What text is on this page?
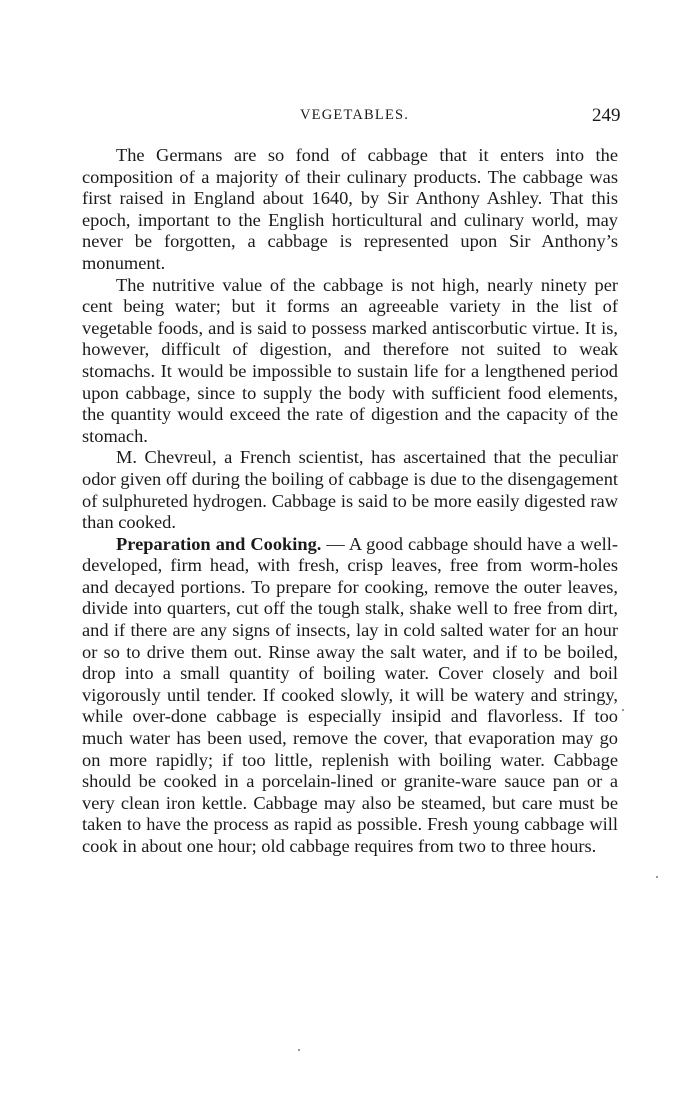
VEGETABLES.	249

The Germans are so fond of cabbage that it enters into the composition of a majority of their culinary products. The cabbage was first raised in England about 1640, by Sir Anthony Ashley. That this epoch, important to the English horticultural and culinary world, may never be forgotten, a cabbage is represented upon Sir Anthony’s monument.

The nutritive value of the cabbage is not high, nearly ninety per cent being water; but it forms an agreeable variety in the list of vegetable foods, and is said to possess marked antiscorbutic virtue. It is, however, difficult of digestion, and therefore not suited to weak stomachs. It would be impossible to sustain life for a lengthened period upon cabbage, since to supply the body with sufficient food elements, the quantity would exceed the rate of digestion and the capacity of the stomach.

M. Chevreul, a French scientist, has ascertained that the peculiar odor given off during the boiling of cabbage is due to the disengagement of sulphureted hydrogen. Cabbage is said to be more easily digested raw than cooked.

Preparation and Cooking. — A good cabbage should have a well-developed, firm head, with fresh, crisp leaves, free from worm-holes and decayed portions. To prepare for cooking, remove the outer leaves, divide into quarters, cut off the tough stalk, shake well to free from dirt, and if there are any signs of insects, lay in cold salted water for an hour or so to drive them out. Rinse away the salt water, and if to be boiled, drop into a small quantity of boiling water. Cover closely and boil vigorously until tender. If cooked slowly, it will be watery and stringy, while over-done cabbage is especially insipid and flavorless. If too much water has been used, remove the cover, that evaporation may go on more rapidly; if too little, replenish with boiling water. Cabbage should be cooked in a porcelain-lined or granite-ware sauce pan or a very clean iron kettle. Cabbage may also be steamed, but care must be taken to have the process as rapid as possible. Fresh young cabbage will cook in about one hour; old cabbage requires from two to three hours.
